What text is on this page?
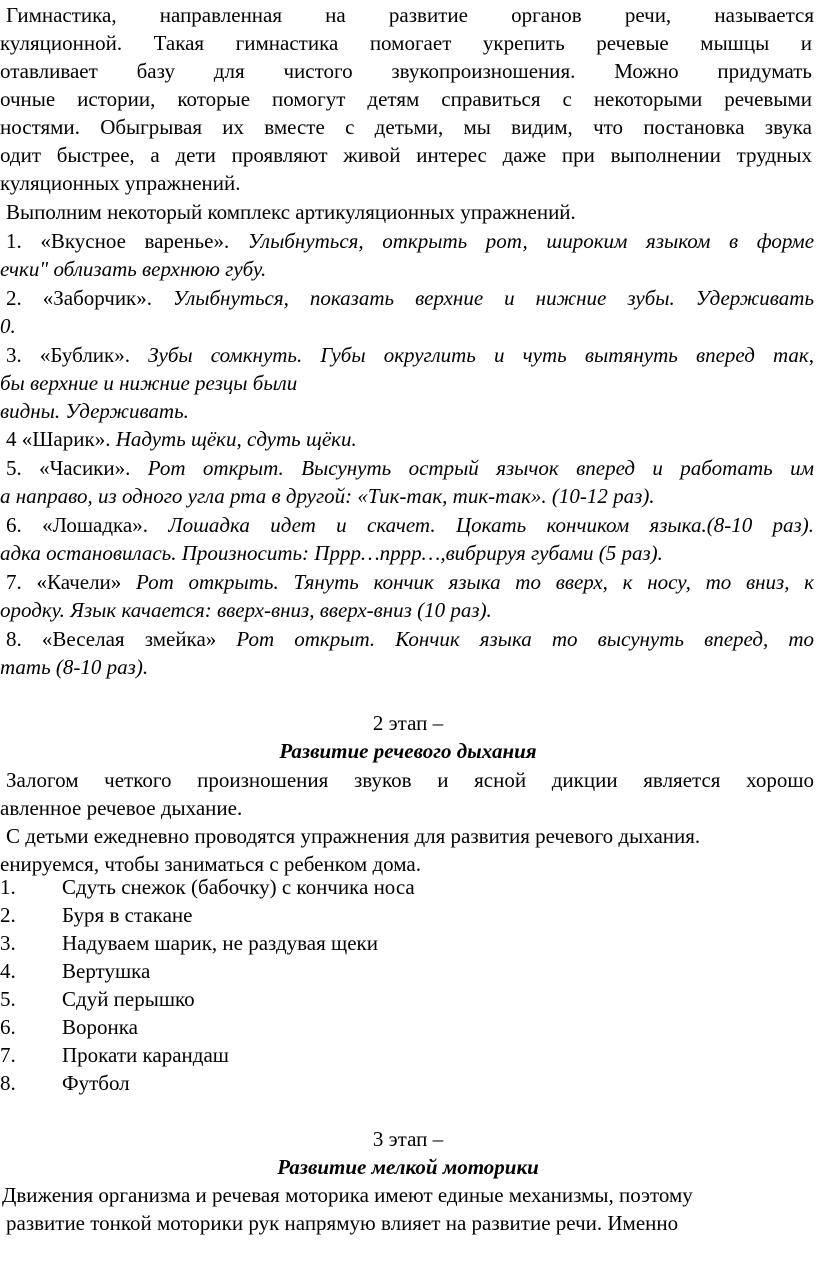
Гимнастика, направленная на развитие органов речи, называется
куляционной. Такая гимнастика помогает укрепить речевые мышцы и
отавливает базу для чистого звукопроизношения. Можно придумать
очные истории, которые помогут детям справиться с некоторыми речевыми
ностями. Обыгрывая их вместе с детьми, мы видим, что постановка звука
одит быстрее, а дети проявляют живой интерес даже при выполнении трудных
куляционных упражнений.
Выполним некоторый комплекс артикуляционных упражнений.
1. «Вкусное варенье». Улыбнуться, открыть рот, широким языком в форме
ечки" облизать верхнюю губу.
2. «Заборчик». Улыбнуться, показать верхние и нижние зубы. Удерживать
0.
3. «Бублик». Зубы сомкнуть. Губы округлить и чуть вытянуть вперед так,
бы верхние и нижние резцы были
видны. Удерживать.
4 «Шарик». Надуть щёки, сдуть щёки.
5. «Часики». Рот открыт. Высунуть острый язычок вперед и работать им
а направо, из одного угла рта в другой: «Тик-так, тик-так». (10-12 раз).
6. «Лошадка». Лошадка идет и скачет. Цокать кончиком языка.(8-10 раз).
адка остановилась. Произносить: Пррр…пррр…,вибрируя губами (5 раз).
7. «Качели» Рот открыть. Тянуть кончик языка то вверх, к носу, то вниз, к
ородку. Язык качается: вверх-вниз, вверх-вниз (10 раз).
8. «Веселая змейка» Рот открыт. Кончик языка то высунуть вперед, то
тать (8-10 раз).
2 этап –
Развитие речевого дыхания
Залогом четкого произношения звуков и ясной дикции является хорошо
авленное речевое дыхание.
С детьми ежедневно проводятся упражнения для развития речевого дыхания.
енируемся, чтобы заниматься с ребенком дома.
1. Сдуть снежок (бабочку) с кончика носа
2. Буря в стакане
3. Надуваем шарик, не раздувая щеки
4. Вертушка
5. Сдуй перышко
6. Воронка
7. Прокати карандаш
8. Футбол
3 этап –
Развитие мелкой моторики
Движения организма и речевая моторика имеют единые механизмы, поэтому
развитие тонкой моторики рук напрямую влияет на развитие речи. Именно
